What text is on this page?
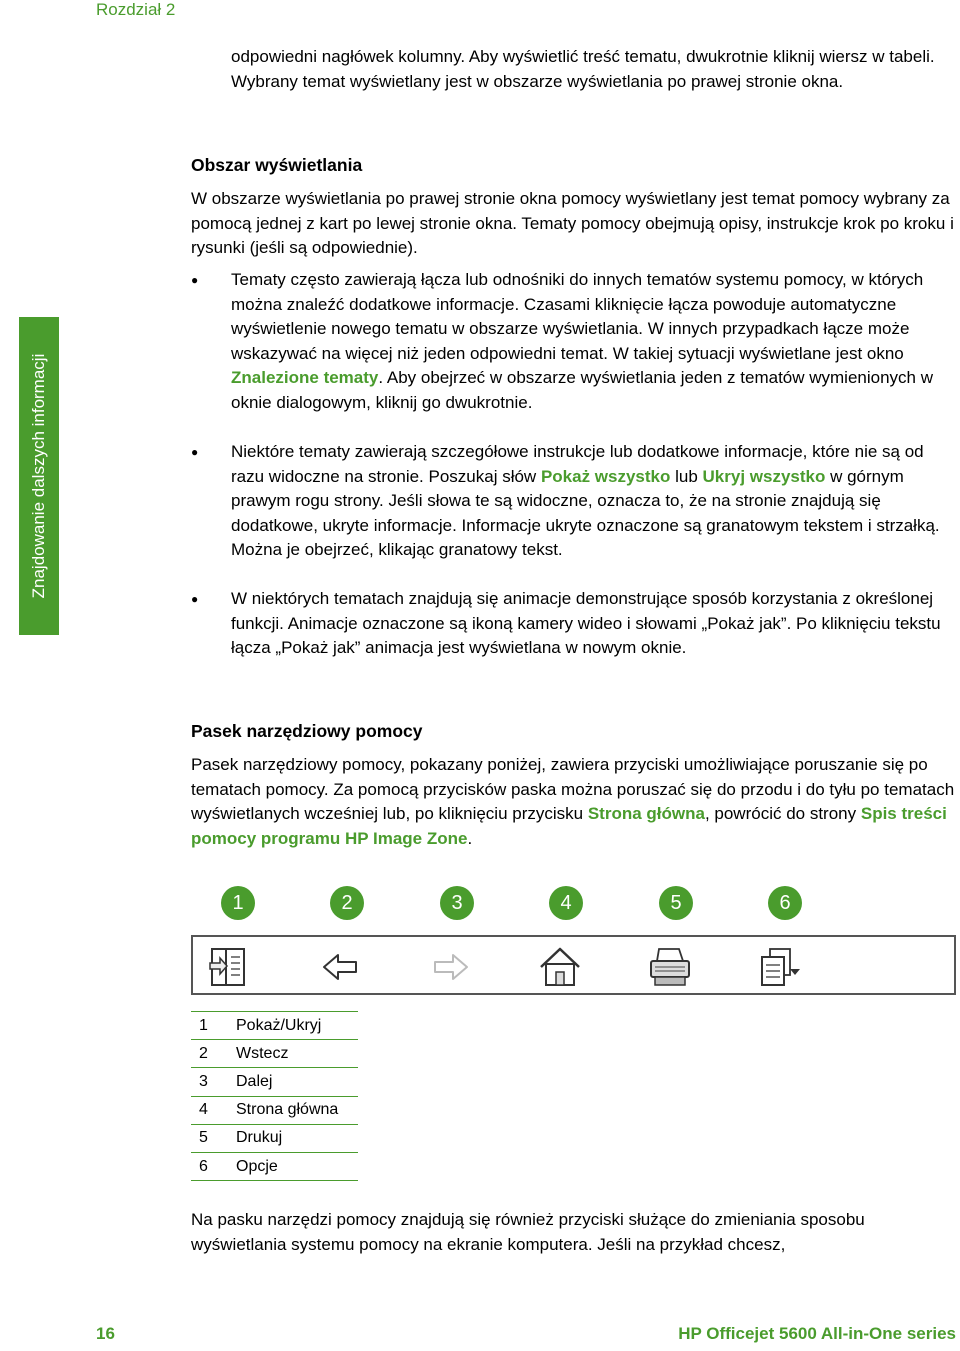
Rozdział 2
Znajdowanie dalszych informacji
odpowiedni nagłówek kolumny. Aby wyświetlić treść tematu, dwukrotnie kliknij wiersz w tabeli. Wybrany temat wyświetlany jest w obszarze wyświetlania po prawej stronie okna.
Obszar wyświetlania
W obszarze wyświetlania po prawej stronie okna pomocy wyświetlany jest temat pomocy wybrany za pomocą jednej z kart po lewej stronie okna. Tematy pomocy obejmują opisy, instrukcje krok po kroku i rysunki (jeśli są odpowiednie).
●	Tematy często zawierają łącza lub odnośniki do innych tematów systemu pomocy, w których można znaleźć dodatkowe informacje. Czasami kliknięcie łącza powoduje automatyczne wyświetlenie nowego tematu w obszarze wyświetlania. W innych przypadkach łącze może wskazywać na więcej niż jeden odpowiedni temat. W takiej sytuacji wyświetlane jest okno Znalezione tematy. Aby obejrzeć w obszarze wyświetlania jeden z tematów wymienionych w oknie dialogowym, kliknij go dwukrotnie.
●	Niektóre tematy zawierają szczegółowe instrukcje lub dodatkowe informacje, które nie są od razu widoczne na stronie. Poszukaj słów Pokaż wszystko lub Ukryj wszystko w górnym prawym rogu strony. Jeśli słowa te są widoczne, oznacza to, że na stronie znajdują się dodatkowe, ukryte informacje. Informacje ukryte oznaczone są granatowym tekstem i strzałką. Można je obejrzeć, klikając granatowy tekst.
●	W niektórych tematach znajdują się animacje demonstrujące sposób korzystania z określonej funkcji. Animacje oznaczone są ikoną kamery wideo i słowami „Pokaż jak”. Po kliknięciu tekstu łącza „Pokaż jak” animacja jest wyświetlana w nowym oknie.
Pasek narzędziowy pomocy
Pasek narzędziowy pomocy, pokazany poniżej, zawiera przyciski umożliwiające poruszanie się po tematach pomocy. Za pomocą przycisków paska można poruszać się do przodu i do tyłu po tematach wyświetlanych wcześniej lub, po kliknięciu przycisku Strona główna, powrócić do strony Spis treści pomocy programu HP Image Zone.
1	2	3	4	5	6
1	Pokaż/Ukryj
2	Wstecz
3	Dalej
4	Strona główna
5	Drukuj
6	Opcje
Na pasku narzędzi pomocy znajdują się również przyciski służące do zmieniania sposobu wyświetlania systemu pomocy na ekranie komputera. Jeśli na przykład chcesz,
16	HP Officejet 5600 All-in-One series
